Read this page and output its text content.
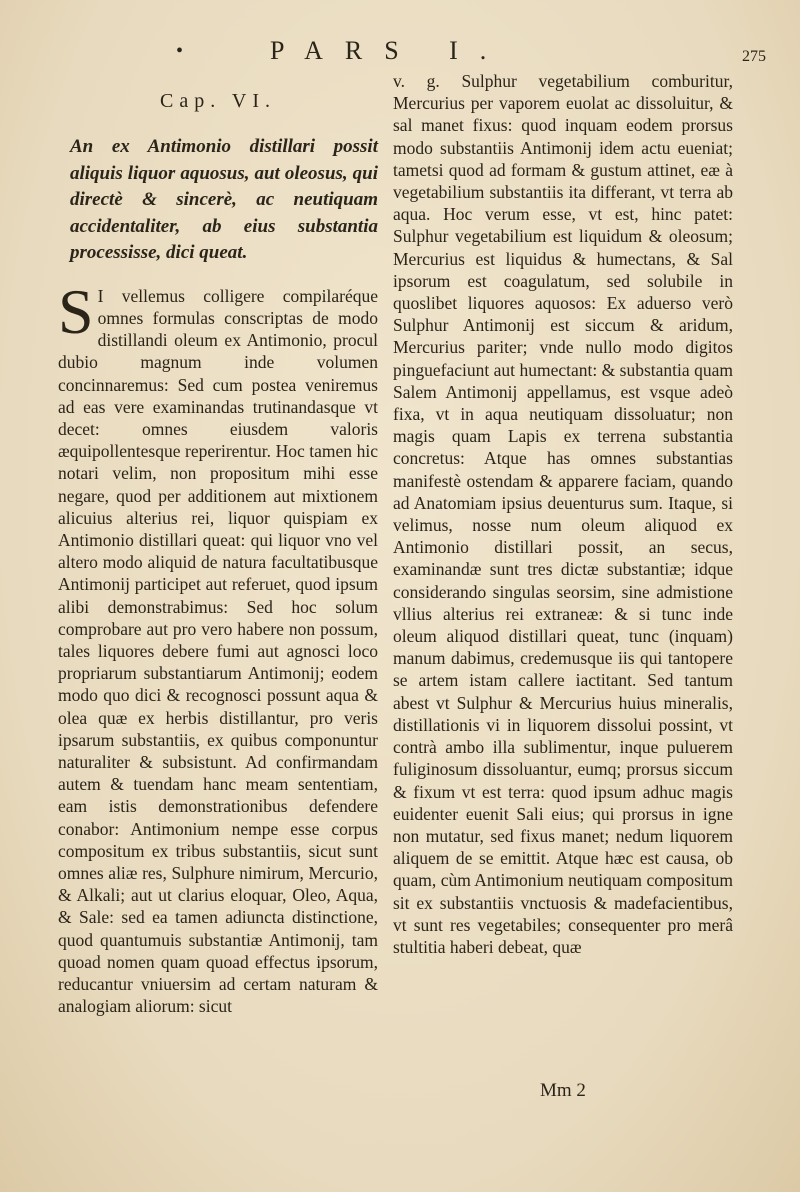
•	PARS I.	275
Cap. VI.

An ex Antimonio distillari possit aliquis liquor aquosus, aut oleosus, qui directè & sincerè, ac neutiquam accidentaliter, ab eius substantia processisse, dici queat.

S I vellemus colligere compilaréque omnes formulas conscriptas de modo distillandi oleum ex Antimonio, procul dubio magnum inde volumen concinnaremus: Sed cum postea veniremus ad eas vere examinandas trutinandasque vt decet: omnes eiusdem valoris æquipollentesque reperirentur. Hoc tamen hic notari velim, non propositum mihi esse negare, quod per additionem aut mixtionem alicuius alterius rei, liquor quispiam ex Antimonio distillari queat: qui liquor vno vel altero modo aliquid de natura facultatibusque Antimonij participet aut referuet, quod ipsum alibi demonstrabimus: Sed hoc solum comprobare aut pro vero habere non possum, tales liquores debere fumi aut agnosci loco propriarum substantiarum Antimonij; eodem modo quo dici & recognosci possunt aqua & olea quæ ex herbis distillantur, pro veris ipsarum substantiis, ex quibus componuntur naturaliter & subsistunt. Ad confirmandam autem & tuendam hanc meam sententiam, eam istis demonstrationibus defendere conabor: Antimonium nempe esse corpus compositum ex tribus substantiis, sicut sunt omnes aliæ res, Sulphure nimirum, Mercurio, & Alkali; aut ut clarius eloquar, Oleo, Aqua, & Sale: sed ea tamen adiuncta distinctione, quod quantumuis substantiæ Antimonij, tam quoad nomen quam quoad effectus ipsorum, reducantur vniuersim ad certam naturam & analogiam aliorum: sicut

v. g. Sulphur vegetabilium comburitur, Mercurius per vaporem euolat ac dissoluitur, & sal manet fixus: quod inquam eodem prorsus modo substantiis Antimonij idem actu eueniat; tametsi quod ad formam & gustum attinet, eæ à vegetabilium substantiis ita differant, vt terra ab aqua. Hoc verum esse, vt est, hinc patet: Sulphur vegetabilium est liquidum & oleosum; Mercurius est liquidus & humectans, & Sal ipsorum est coagulatum, sed solubile in quoslibet liquores aquosos: Ex aduerso verò Sulphur Antimonij est siccum & aridum, Mercurius pariter; vnde nullo modo digitos pinguefaciunt aut humectant: & substantia quam Salem Antimonij appellamus, est vsque adeò fixa, vt in aqua neutiquam dissoluatur; non magis quam Lapis ex terrena substantia concretus: Atque has omnes substantias manifestè ostendam & apparere faciam, quando ad Anatomiam ipsius deuenturus sum. Itaque, si velimus, nosse num oleum aliquod ex Antimonio distillari possit, an secus, examinandæ sunt tres dictæ substantiæ; idque considerando singulas seorsim, sine admistione vllius alterius rei extraneæ: & si tunc inde oleum aliquod distillari queat, tunc (inquam) manum dabimus, credemusque iis qui tantopere se artem istam callere iactitant. Sed tantum abest vt Sulphur & Mercurius huius mineralis, distillationis vi in liquorem dissolui possint, vt contrà ambo illa sublimentur, inque puluerem fuliginosum dissoluantur, eumq; prorsus siccum & fixum vt est terra: quod ipsum adhuc magis euidenter euenit Sali eius; qui prorsus in igne non mutatur, sed fixus manet; nedum liquorem aliquem de se emittit. Atque hæc est causa, ob quam, cùm Antimonium neutiquam compositum sit ex substantiis vnctuosis & madefacientibus, vt sunt res vegetabiles; consequenter pro merâ stultitia haberi debeat, quæ

Mm 2
